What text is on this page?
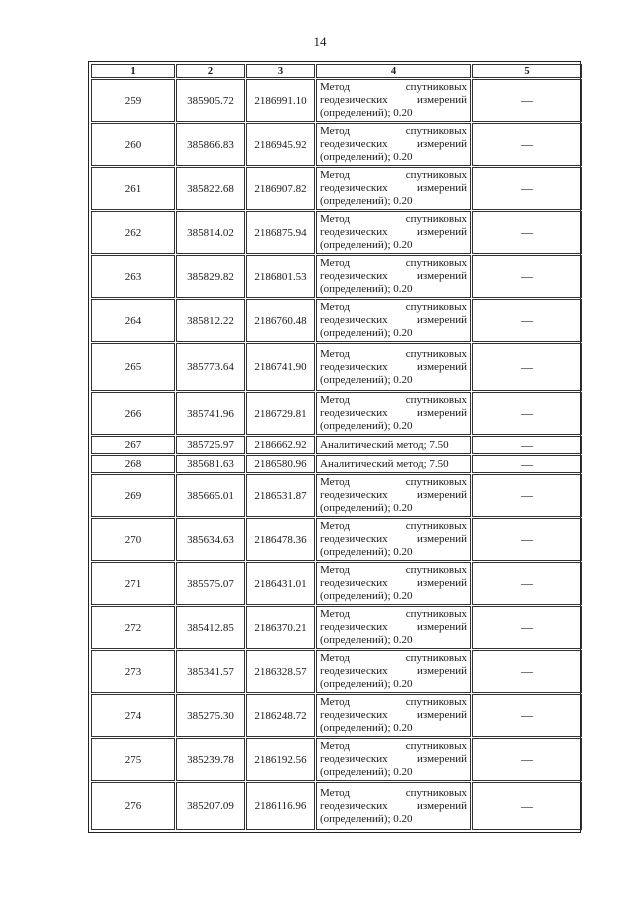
14
1	2	3	4	5
259	385905.72	2186991.10	Метод спутниковых
геодезических измерений
(определений); 0.20	—
260	385866.83	2186945.92	Метод спутниковых
геодезических измерений
(определений); 0.20	—
261	385822.68	2186907.82	Метод спутниковых
геодезических измерений
(определений); 0.20	—
262	385814.02	2186875.94	Метод спутниковых
геодезических измерений
(определений); 0.20	—
263	385829.82	2186801.53	Метод спутниковых
геодезических измерений
(определений); 0.20	—
264	385812.22	2186760.48	Метод спутниковых
геодезических измерений
(определений); 0.20	—
265	385773.64	2186741.90	Метод спутниковых
геодезических измерений
(определений); 0.20	—
266	385741.96	2186729.81	Метод спутниковых
геодезических измерений
(определений); 0.20	—
267	385725.97	2186662.92	Аналитический метод; 7.50	—
268	385681.63	2186580.96	Аналитический метод; 7.50	—
269	385665.01	2186531.87	Метод спутниковых
геодезических измерений
(определений); 0.20	—
270	385634.63	2186478.36	Метод спутниковых
геодезических измерений
(определений); 0.20	—
271	385575.07	2186431.01	Метод спутниковых
геодезических измерений
(определений); 0.20	—
272	385412.85	2186370.21	Метод спутниковых
геодезических измерений
(определений); 0.20	—
273	385341.57	2186328.57	Метод спутниковых
геодезических измерений
(определений); 0.20	—
274	385275.30	2186248.72	Метод спутниковых
геодезических измерений
(определений); 0.20	—
275	385239.78	2186192.56	Метод спутниковых
геодезических измерений
(определений); 0.20	—
276	385207.09	2186116.96	Метод спутниковых
геодезических измерений
(определений); 0.20	—
